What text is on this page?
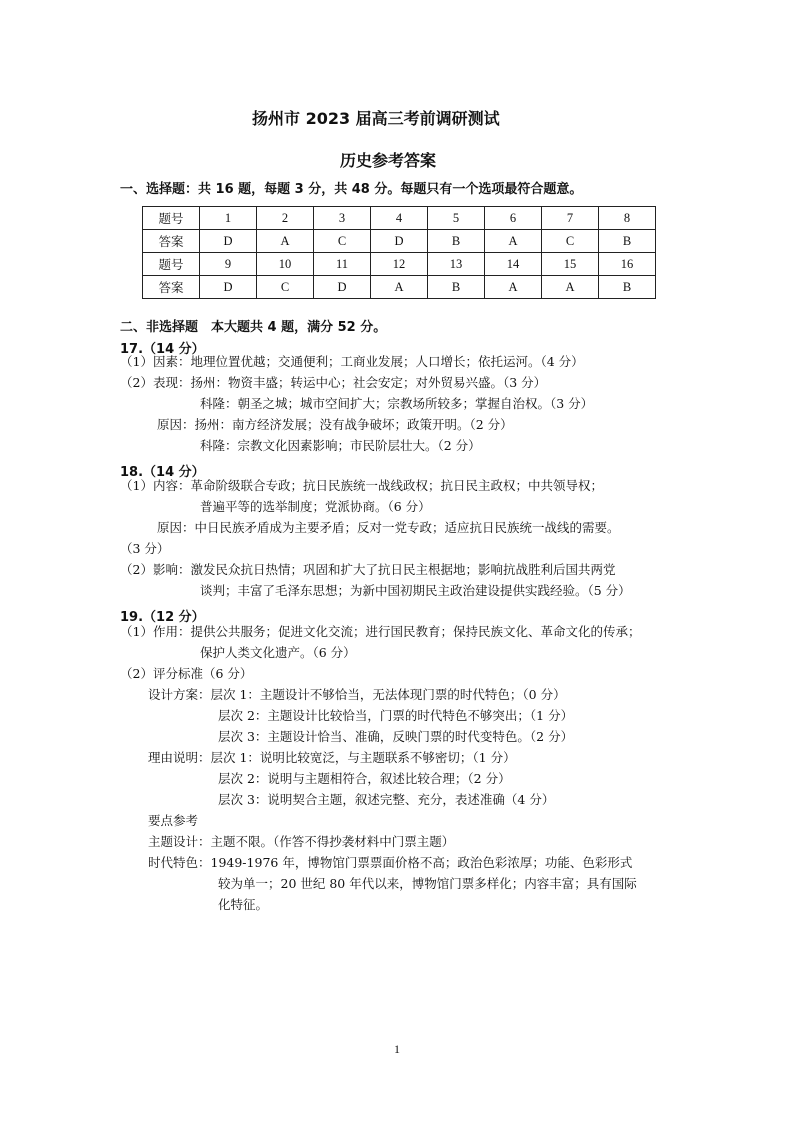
扬州市 2023 届高三考前调研测试
历史参考答案
一、选择题：共 16 题，每题 3 分，共 48 分。每题只有一个选项最符合题意。
题号	1	2	3	4	5	6	7	8
答案	D	A	C	D	B	A	C	B
题号	9	10	11	12	13	14	15	16
答案	D	C	D	A	B	A	A	B
二、非选择题　本大题共 4 题，满分 52 分。
17.（14 分）
（1）因素：地理位置优越；交通便利；工商业发展；人口增长；依托运河。（4 分）
（2）表现：扬州：物资丰盛；转运中心；社会安定；对外贸易兴盛。（3 分）
科隆：朝圣之城；城市空间扩大；宗教场所较多；掌握自治权。（3 分）
原因：扬州：南方经济发展；没有战争破坏；政策开明。（2 分）
科隆：宗教文化因素影响；市民阶层壮大。（2 分）
18.（14 分）
（1）内容：革命阶级联合专政；抗日民族统一战线政权；抗日民主政权；中共领导权；
普遍平等的选举制度；党派协商。（6 分）
原因：中日民族矛盾成为主要矛盾；反对一党专政；适应抗日民族统一战线的需要。
（3 分）
（2）影响：激发民众抗日热情；巩固和扩大了抗日民主根据地；影响抗战胜利后国共两党
谈判；丰富了毛泽东思想；为新中国初期民主政治建设提供实践经验。（5 分）
19.（12 分）
（1）作用：提供公共服务；促进文化交流；进行国民教育；保持民族文化、革命文化的传承；
保护人类文化遗产。（6 分）
（2）评分标准（6 分）
设计方案：层次 1：主题设计不够恰当，无法体现门票的时代特色；（0 分）
层次 2：主题设计比较恰当，门票的时代特色不够突出；（1 分）
层次 3：主题设计恰当、准确，反映门票的时代变特色。（2 分）
理由说明：层次 1：说明比较宽泛，与主题联系不够密切；（1 分）
层次 2：说明与主题相符合，叙述比较合理；（2 分）
层次 3：说明契合主题，叙述完整、充分，表述准确（4 分）
要点参考
主题设计：主题不限。（作答不得抄袭材料中门票主题）
时代特色：1949-1976 年，博物馆门票票面价格不高；政治色彩浓厚；功能、色彩形式
较为单一；20 世纪 80 年代以来，博物馆门票多样化；内容丰富；具有国际
化特征。
1
